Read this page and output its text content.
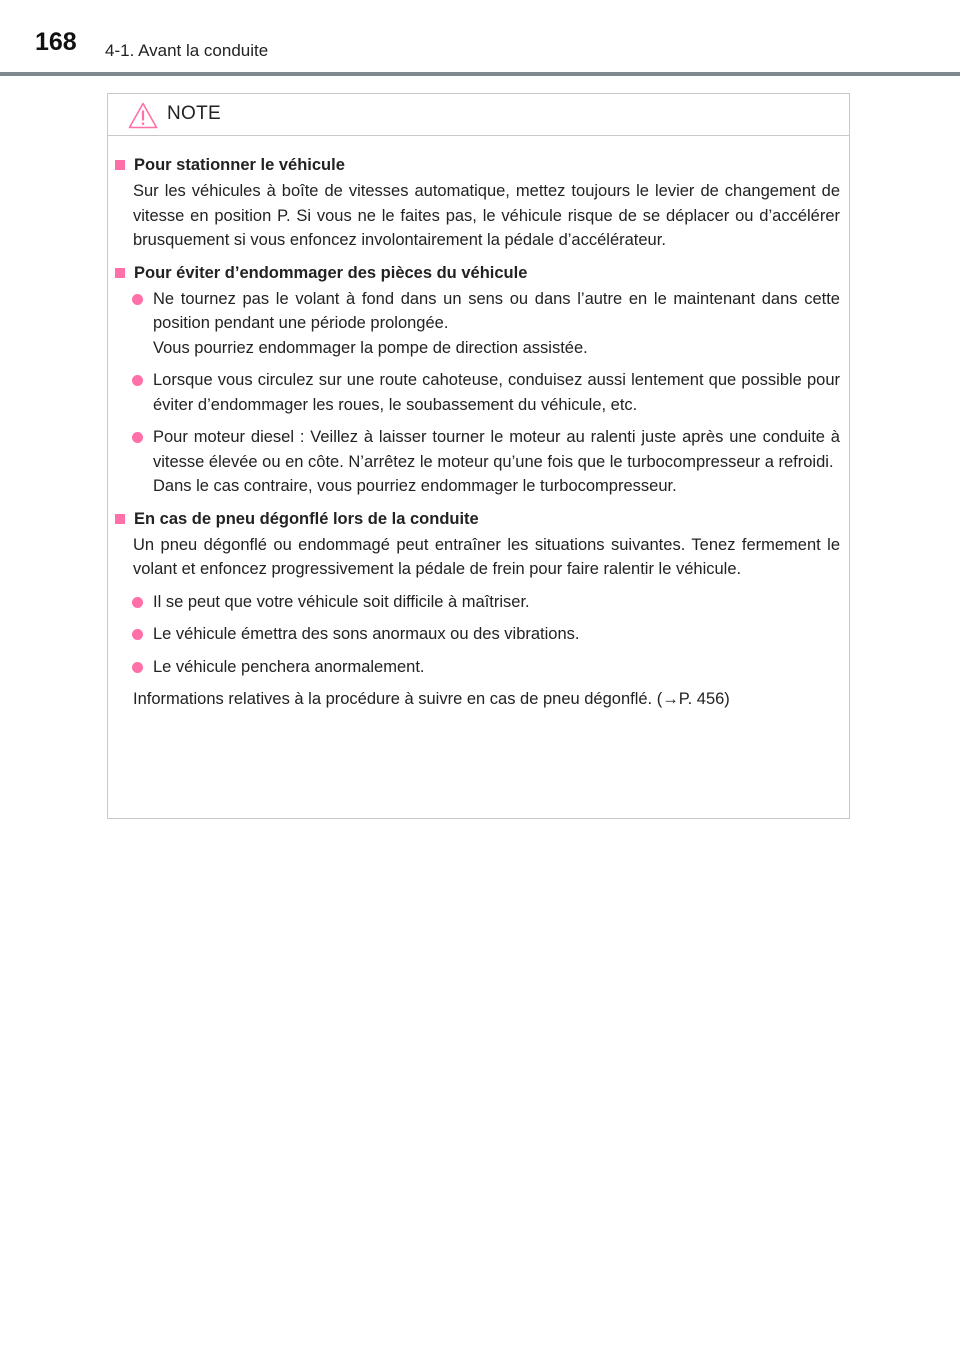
168 4-1. Avant la conduite
NOTE
Pour stationner le véhicule

Sur les véhicules à boîte de vitesses automatique, mettez toujours le levier de changement de vitesse en position P. Si vous ne le faites pas, le véhicule risque de se déplacer ou d’accélérer brusquement si vous enfoncez involontairement la pédale d’accélérateur.

Pour éviter d’endommager des pièces du véhicule
Ne tournez pas le volant à fond dans un sens ou dans l’autre en le maintenant dans cette position pendant une période prolongée.
Vous pourriez endommager la pompe de direction assistée.
Lorsque vous circulez sur une route cahoteuse, conduisez aussi lentement que possible pour éviter d’endommager les roues, le soubassement du véhicule, etc.
Pour moteur diesel : Veillez à laisser tourner le moteur au ralenti juste après une conduite à vitesse élevée ou en côte. N’arrêtez le moteur qu’une fois que le turbocompresseur a refroidi.
Dans le cas contraire, vous pourriez endommager le turbocompresseur.
En cas de pneu dégonflé lors de la conduite

Un pneu dégonflé ou endommagé peut entraîner les situations suivantes. Tenez fermement le volant et enfoncez progressivement la pédale de frein pour faire ralentir le véhicule.

Il se peut que votre véhicule soit difficile à maîtriser.
Le véhicule émettra des sons anormaux ou des vibrations.
Le véhicule penchera anormalement.

Informations relatives à la procédure à suivre en cas de pneu dégonflé. (→P. 456)
